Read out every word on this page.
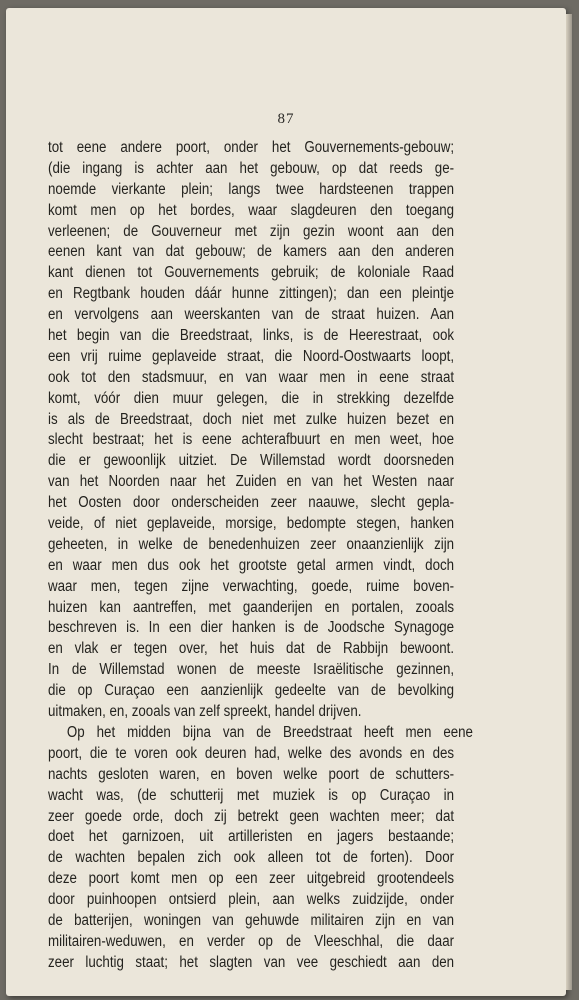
87
tot eene andere poort, onder het Gouvernements-gebouw;
(die ingang is achter aan het gebouw, op dat reeds ge-
noemde vierkante plein; langs twee hardsteenen trappen
komt men op het bordes, waar slagdeuren den toegang
verleenen; de Gouverneur met zijn gezin woont aan den
eenen kant van dat gebouw; de kamers aan den anderen
kant dienen tot Gouvernements gebruik; de koloniale Raad
en Regtbank houden dáár hunne zittingen); dan een pleintje
en vervolgens aan weerskanten van de straat huizen. Aan
het begin van die Breedstraat, links, is de Heerestraat, ook
een vrij ruime geplaveide straat, die Noord-Oostwaarts loopt,
ook tot den stadsmuur, en van waar men in eene straat
komt, vóór dien muur gelegen, die in strekking dezelfde
is als de Breedstraat, doch niet met zulke huizen bezet en
slecht bestraat; het is eene achterafbuurt en men weet, hoe
die er gewoonlijk uitziet. De Willemstad wordt doorsneden
van het Noorden naar het Zuiden en van het Westen naar
het Oosten door onderscheiden zeer naauwe, slecht gepla-
veide, of niet geplaveide, morsige, bedompte stegen, hanken
geheeten, in welke de benedenhuizen zeer onaanzienlijk zijn
en waar men dus ook het grootste getal armen vindt, doch
waar men, tegen zijne verwachting, goede, ruime boven-
huizen kan aantreffen, met gaanderijen en portalen, zooals
beschreven is. In een dier hanken is de Joodsche Synagoge
en vlak er tegen over, het huis dat de Rabbijn bewoont.
In de Willemstad wonen de meeste Israëlitische gezinnen,
die op Curaçao een aanzienlijk gedeelte van de bevolking
uitmaken, en, zooals van zelf spreekt, handel drijven.
Op het midden bijna van de Breedstraat heeft men eene
poort, die te voren ook deuren had, welke des avonds en des
nachts gesloten waren, en boven welke poort de schutters-
wacht was, (de schutterij met muziek is op Curaçao in
zeer goede orde, doch zij betrekt geen wachten meer; dat
doet het garnizoen, uit artilleristen en jagers bestaande;
de wachten bepalen zich ook alleen tot de forten). Door
deze poort komt men op een zeer uitgebreid grootendeels
door puinhoopen ontsierd plein, aan welks zuidzijde, onder
de batterijen, woningen van gehuwde militairen zijn en van
militairen-weduwen, en verder op de Vleeschhal, die daar
zeer luchtig staat; het slagten van vee geschiedt aan den
